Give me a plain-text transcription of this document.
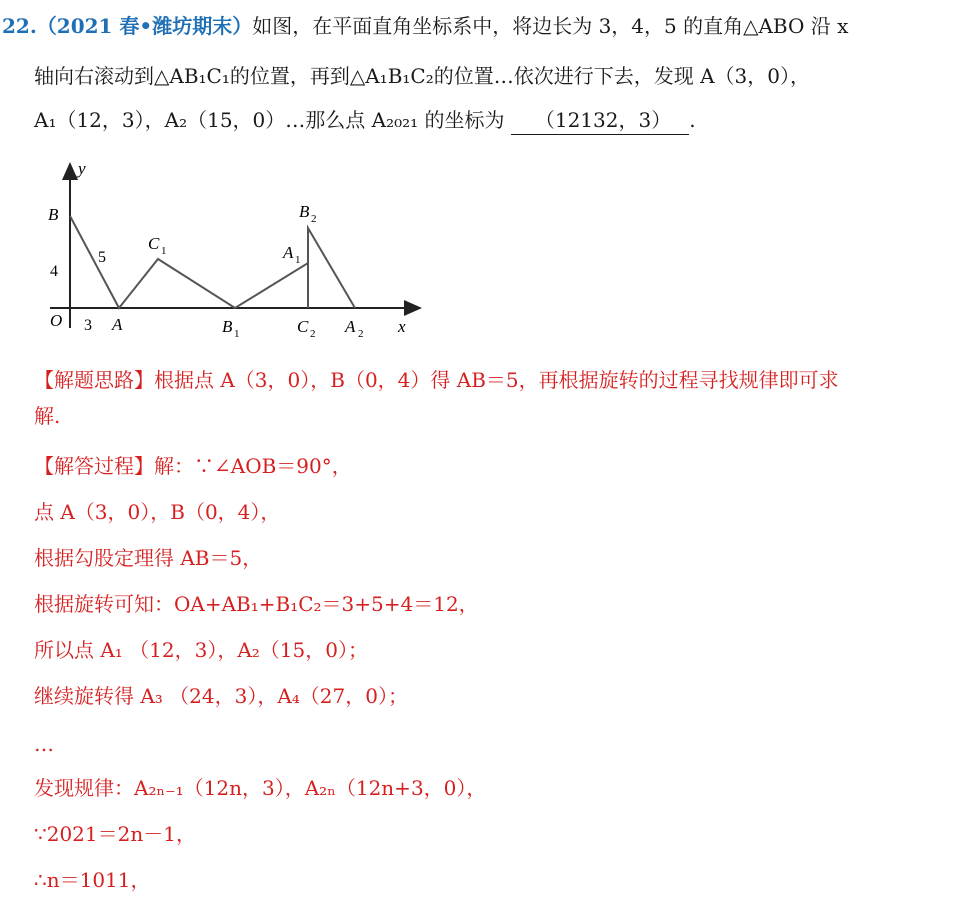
22.（2021 春•潍坊期末）如图，在平面直角坐标系中，将边长为 3，4，5 的直角△ABO 沿 x
轴向右滚动到△AB₁C₁的位置，再到△A₁B₁C₂的位置…依次进行下去，发现 A（3，0），
A₁（12，3），A₂（15，0）…那么点 A₂₀₂₁ 的坐标为 （12132，3） .
y
x
O
B
4
5
3 A
C 1
B 1
B 2
A 1
C 2 A 2
【解题思路】根据点 A（3，0），B（0，4）得 AB＝5，再根据旋转的过程寻找规律即可求
解.
【解答过程】解：∵∠AOB＝90°，
点 A（3，0），B（0，4），
根据勾股定理得 AB＝5，
根据旋转可知：OA+AB₁+B₁C₂＝3+5+4＝12，
所以点 A₁ （12，3），A₂（15，0）；
继续旋转得 A₃ （24，3），A₄（27，0）；
…
发现规律：A₂ₙ₋₁（12n，3），A₂ₙ（12n+3，0），
∵2021＝2n－1，
∴n＝1011，
